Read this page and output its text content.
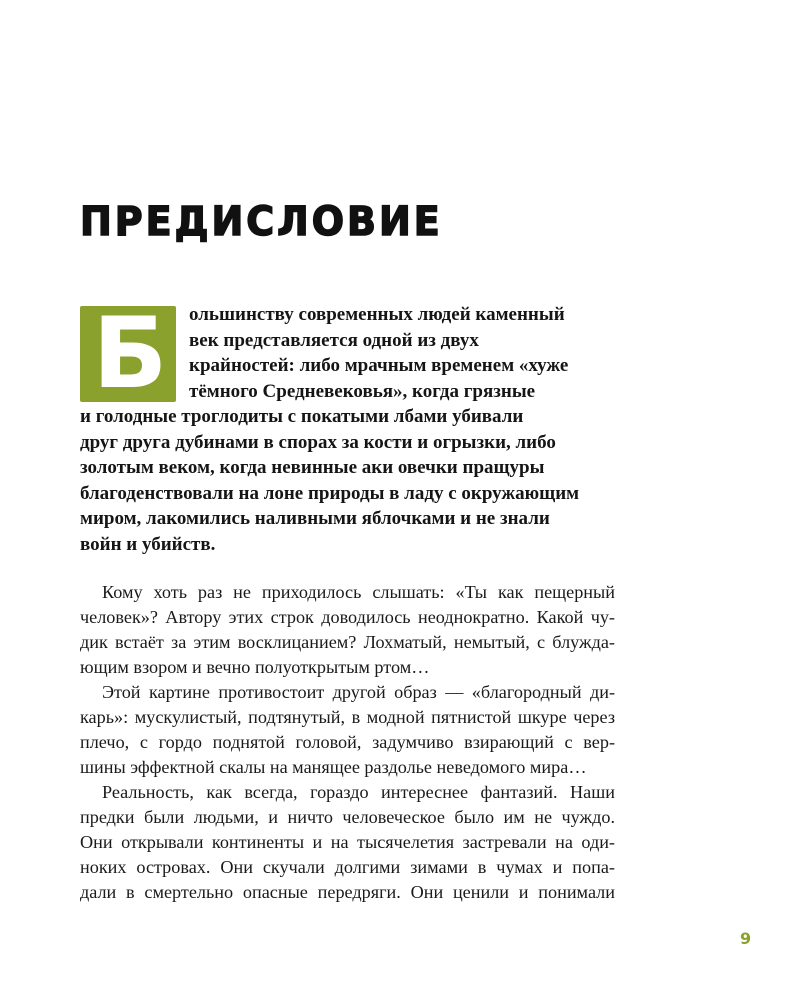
ПРЕДИСЛОВИЕ
Б	ольшинству современных людей каменный

век представляется одной из двух

крайностей: либо мрачным временем «хуже

тёмного Средневековья», когда грязные

и голодные троглодиты с покатыми лбами убивали

друг друга дубинами в спорах за кости и огрызки, либо

золотым веком, когда невинные аки овечки пращуры

благоденствовали на лоне природы в ладу с окружающим

миром, лакомились наливными яблочками и не знали

войн и убийств.

Кому хоть раз не приходилось слышать: «Ты как пещерный

человек»? Автору этих строк доводилось неоднократно. Какой чу-

дик встаёт за этим восклицанием? Лохматый, немытый, с блужда-

ющим взором и вечно полуоткрытым ртом…

Этой картине противостоит другой образ — «благородный ди-

карь»: мускулистый, подтянутый, в модной пятнистой шкуре через

плечо, с гордо поднятой головой, задумчиво взирающий с вер-

шины эффектной скалы на манящее раздолье неведомого мира…

Реальность, как всегда, гораздо интереснее фантазий. Наши

предки были людьми, и ничто человеческое было им не чуждо.

Они открывали континенты и на тысячелетия застревали на оди-

ноких островах. Они скучали долгими зимами в чумах и попа-

дали в смертельно опасные передряги. Они ценили и понимали

9
